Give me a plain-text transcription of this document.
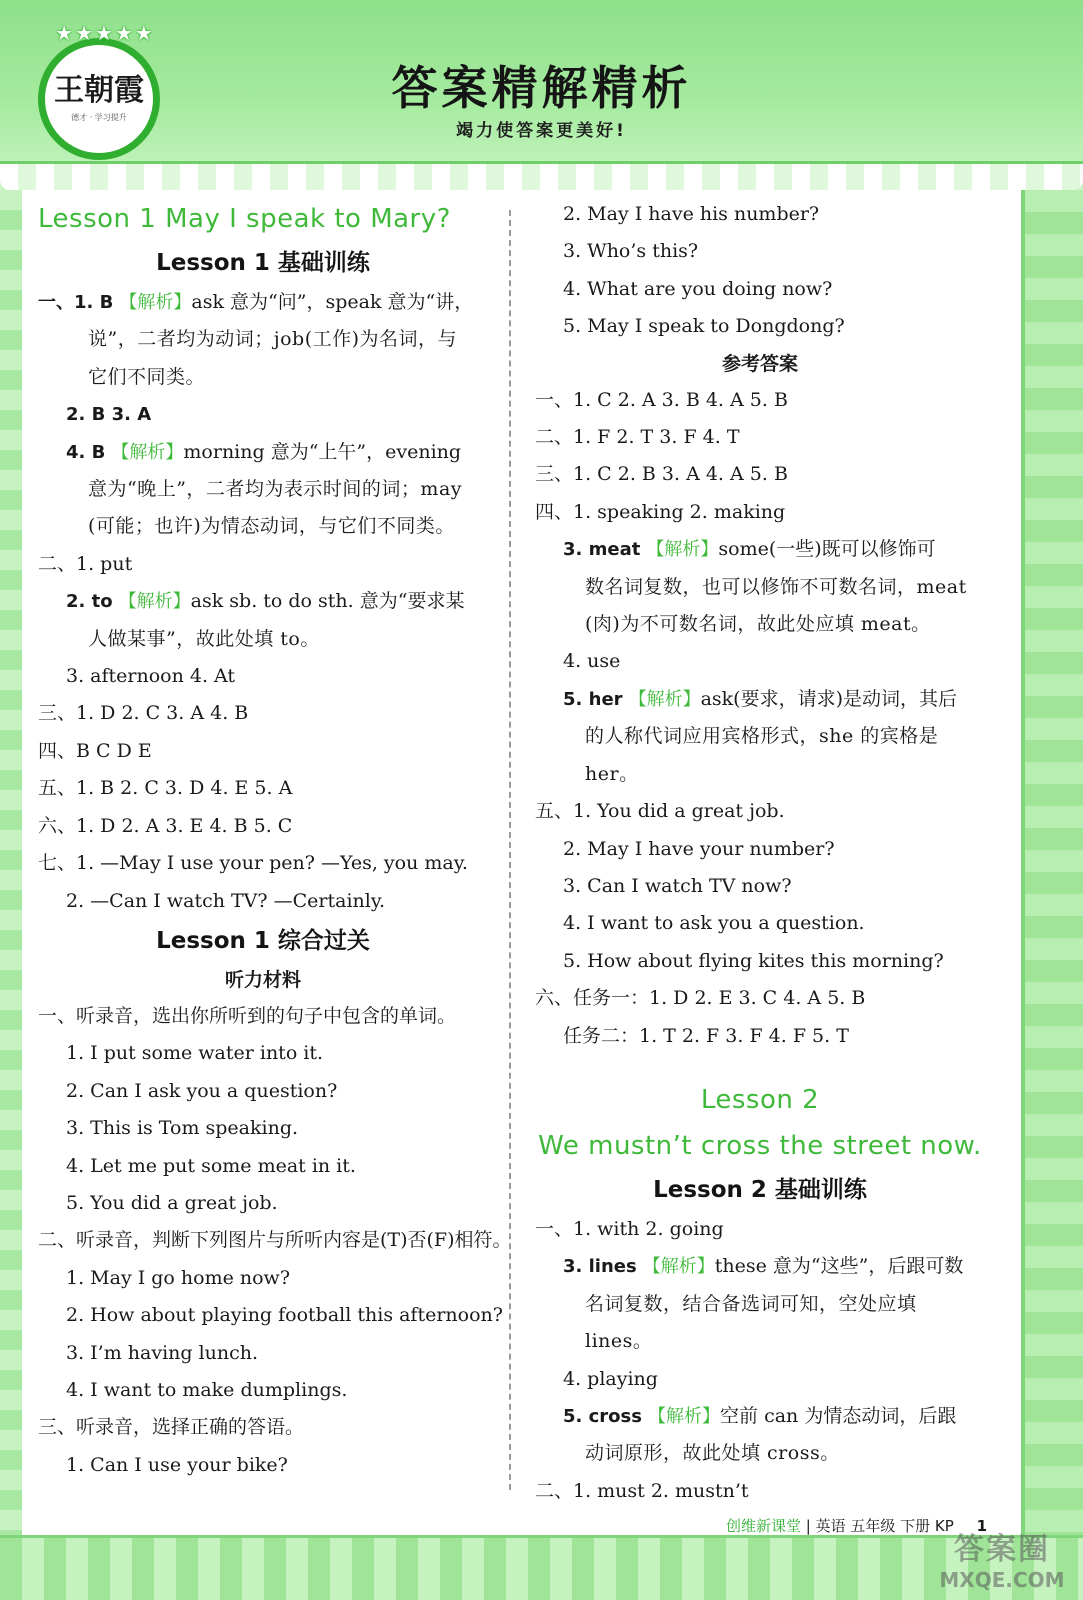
★★★★★
王朝霞
德才 · 学习提升
答案精解精析
竭力使答案更美好!
Lesson 1 May I speak to Mary?
Lesson 1 基础训练
一、1. B 【解析】ask 意为“问”，speak 意为“讲，
说”，二者均为动词；job(工作)为名词，与
它们不同类。
2. B 3. A
4. B 【解析】morning 意为“上午”，evening
意为“晚上”，二者均为表示时间的词；may
(可能；也许)为情态动词，与它们不同类。
二、1. put
2. to 【解析】ask sb. to do sth. 意为“要求某
人做某事”，故此处填 to。
3. afternoon 4. At
三、1. D 2. C 3. A 4. B
四、B C D E
五、1. B 2. C 3. D 4. E 5. A
六、1. D 2. A 3. E 4. B 5. C
七、1. —May I use your pen? —Yes, you may.
2. —Can I watch TV? —Certainly.
Lesson 1 综合过关
听力材料
一、听录音，选出你所听到的句子中包含的单词。
1. I put some water into it.
2. Can I ask you a question?
3. This is Tom speaking.
4. Let me put some meat in it.
5. You did a great job.
二、听录音，判断下列图片与所听内容是(T)否(F)相符。
1. May I go home now?
2. How about playing football this afternoon?
3. I’m having lunch.
4. I want to make dumplings.
三、听录音，选择正确的答语。
1. Can I use your bike?
2. May I have his number?
3. Who’s this?
4. What are you doing now?
5. May I speak to Dongdong?
参考答案
一、1. C 2. A 3. B 4. A 5. B
二、1. F 2. T 3. F 4. T
三、1. C 2. B 3. A 4. A 5. B
四、1. speaking 2. making
3. meat 【解析】some(一些)既可以修饰可
数名词复数，也可以修饰不可数名词，meat
(肉)为不可数名词，故此处应填 meat。
4. use
5. her 【解析】ask(要求，请求)是动词，其后
的人称代词应用宾格形式，she 的宾格是
her。
五、1. You did a great job.
2. May I have your number?
3. Can I watch TV now?
4. I want to ask you a question.
5. How about flying kites this morning?
六、任务一：1. D 2. E 3. C 4. A 5. B
任务二：1. T 2. F 3. F 4. F 5. T
Lesson 2
We mustn’t cross the street now.
Lesson 2 基础训练
一、1. with 2. going
3. lines 【解析】these 意为“这些”，后跟可数
名词复数，结合备选词可知，空处应填
lines。
4. playing
5. cross 【解析】空前 can 为情态动词，后跟
动词原形，故此处填 cross。
二、1. must 2. mustn’t
创维新课堂 | 英语 五年级 下册 KP 1
答案圈
MXQE.COM
